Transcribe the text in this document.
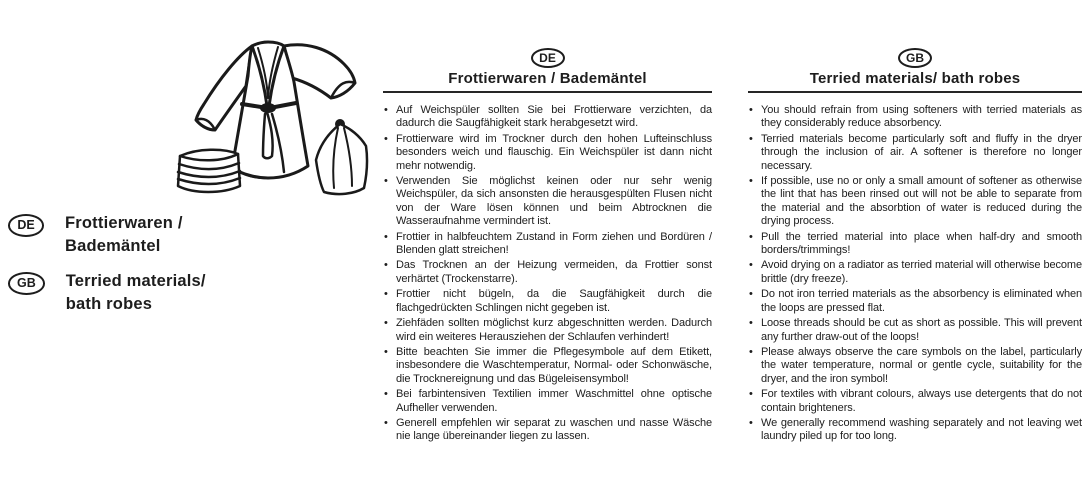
DE	Frottierwaren /
Bademäntel
GB	Terried materials/
bath robes
DE
Frottierwaren / Bademäntel
• Auf Weichspüler sollten Sie bei Frottierware verzichten, da dadurch die Saugfähigkeit stark herabgesetzt wird.
• Frottierware wird im Trockner durch den hohen Lufteinschluss besonders weich und flauschig. Ein Weichspüler ist dann nicht mehr notwendig.
• Verwenden Sie möglichst keinen oder nur sehr wenig Weichspüler, da sich ansonsten die herausgespülten Flusen nicht von der Ware lösen können und beim Abtrocknen die Wasseraufnahme vermindert ist.
• Frottier in halbfeuchtem Zustand in Form ziehen und Bordüren / Blenden glatt streichen!
• Das Trocknen an der Heizung vermeiden, da Frottier sonst verhärtet (Trockenstarre).
• Frottier nicht bügeln, da die Saugfähigkeit durch die flachgedrückten Schlingen nicht gegeben ist.
• Ziehfäden sollten möglichst kurz abgeschnitten werden. Dadurch wird ein weiteres Herausziehen der Schlaufen verhindert!
• Bitte beachten Sie immer die Pflegesymbole auf dem Etikett, insbesondere die Waschtemperatur, Normal- oder Schonwäsche, die Trocknereignung und das Bügeleisensymbol!
• Bei farbintensiven Textilien immer Waschmittel ohne optische Aufheller verwenden.
• Generell empfehlen wir separat zu waschen und nasse Wäsche nie lange übereinander liegen zu lassen.
GB
Terried materials/ bath robes
• You should refrain from using softeners with terried materials as they considerably reduce absorbency.
• Terried materials become particularly soft and fluffy in the dryer through the inclusion of air. A softener is therefore no longer necessary.
• If possible, use no or only a small amount of softener as otherwise the lint that has been rinsed out will not be able to separate from the material and the absorbtion of water is reduced during the drying process.
• Pull the terried material into place when half-dry and smooth borders/trimmings!
• Avoid drying on a radiator as terried material will otherwise become brittle (dry freeze).
• Do not iron terried materials as the absorbency is eliminated when the loops are pressed flat.
• Loose threads should be cut as short as possible. This will prevent any further draw-out of the loops!
• Please always observe the care symbols on the label, particularly the water temperature, normal or gentle cycle, suitability for the dryer, and the iron symbol!
• For textiles with vibrant colours, always use detergents that do not contain brighteners.
• We generally recommend washing separately and not leaving wet laundry piled up for too long.
